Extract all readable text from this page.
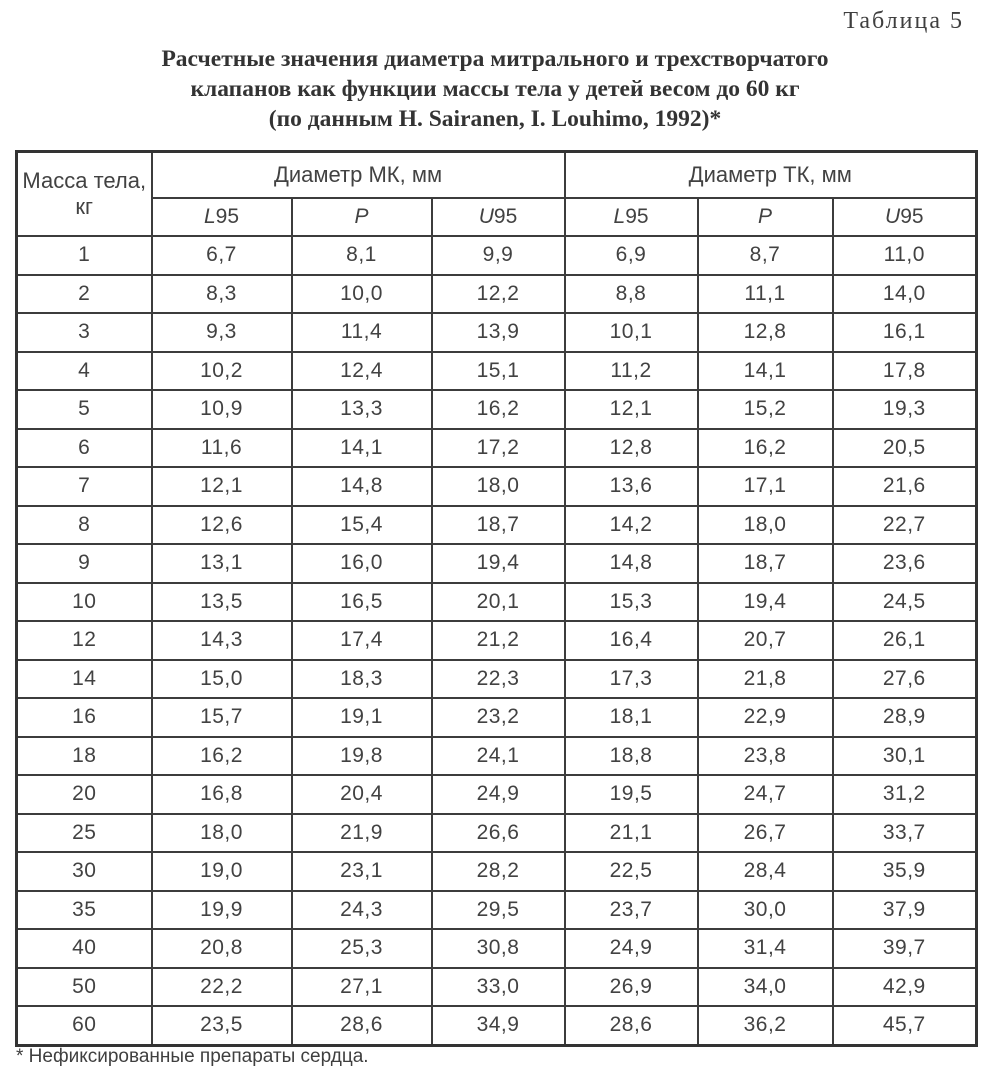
Таблица 5
Расчетные значения диаметра митрального и трехстворчатого
клапанов как функции массы тела у детей весом до 60 кг
(по данным H. Sairanen, I. Louhimo, 1992)*
Масса тела, кг	Диаметр МК, мм			Диаметр ТК, мм		
	L95	P	U95	L95	P	U95
1	6,7	8,1	9,9	6,9	8,7	11,0
2	8,3	10,0	12,2	8,8	11,1	14,0
3	9,3	11,4	13,9	10,1	12,8	16,1
4	10,2	12,4	15,1	11,2	14,1	17,8
5	10,9	13,3	16,2	12,1	15,2	19,3
6	11,6	14,1	17,2	12,8	16,2	20,5
7	12,1	14,8	18,0	13,6	17,1	21,6
8	12,6	15,4	18,7	14,2	18,0	22,7
9	13,1	16,0	19,4	14,8	18,7	23,6
10	13,5	16,5	20,1	15,3	19,4	24,5
12	14,3	17,4	21,2	16,4	20,7	26,1
14	15,0	18,3	22,3	17,3	21,8	27,6
16	15,7	19,1	23,2	18,1	22,9	28,9
18	16,2	19,8	24,1	18,8	23,8	30,1
20	16,8	20,4	24,9	19,5	24,7	31,2
25	18,0	21,9	26,6	21,1	26,7	33,7
30	19,0	23,1	28,2	22,5	28,4	35,9
35	19,9	24,3	29,5	23,7	30,0	37,9
40	20,8	25,3	30,8	24,9	31,4	39,7
50	22,2	27,1	33,0	26,9	34,0	42,9
60	23,5	28,6	34,9	28,6	36,2	45,7
* Нефиксированные препараты сердца.
